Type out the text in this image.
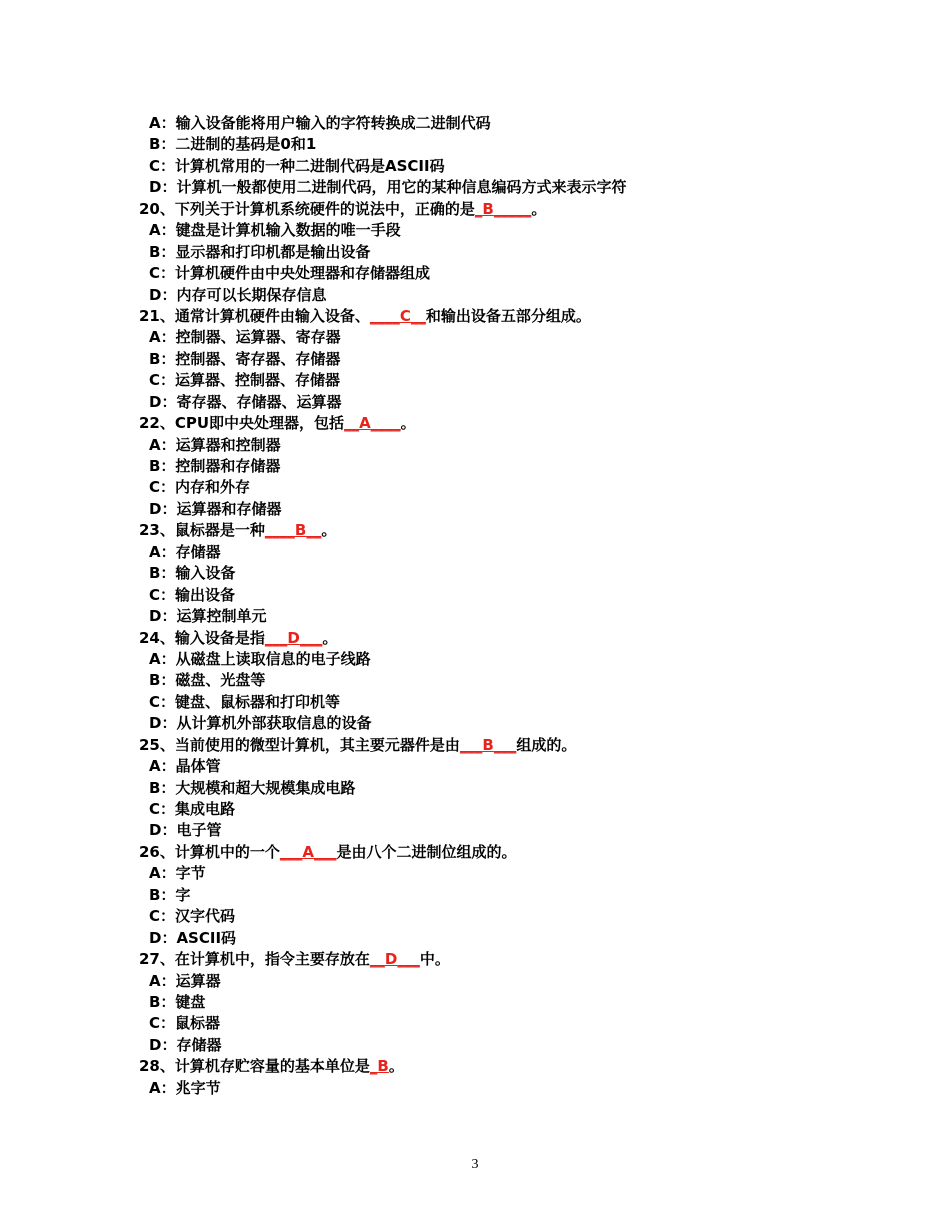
A：输入设备能将用户输入的字符转换成二进制代码
B：二进制的基码是0和1
C：计算机常用的一种二进制代码是ASCII码
D：计算机一般都使用二进制代码，用它的某种信息编码方式来表示字符
20、下列关于计算机系统硬件的说法中，正确的是_B_____。
A：键盘是计算机输入数据的唯一手段
B：显示器和打印机都是输出设备
C：计算机硬件由中央处理器和存储器组成
D：内存可以长期保存信息
21、通常计算机硬件由输入设备、____C__和输出设备五部分组成。
A：控制器、运算器、寄存器
B：控制器、寄存器、存储器
C：运算器、控制器、存储器
D：寄存器、存储器、运算器
22、CPU即中央处理器，包括__A____。
A：运算器和控制器
B：控制器和存储器
C：内存和外存
D：运算器和存储器
23、鼠标器是一种____B__。
A：存储器
B：输入设备
C：输出设备
D：运算控制单元
24、输入设备是指___D___。
A：从磁盘上读取信息的电子线路
B：磁盘、光盘等
C：键盘、鼠标器和打印机等
D：从计算机外部获取信息的设备
25、当前使用的微型计算机，其主要元器件是由___B___组成的。
A：晶体管
B：大规模和超大规模集成电路
C：集成电路
D：电子管
26、计算机中的一个___A___是由八个二进制位组成的。
A：字节
B：字
C：汉字代码
D：ASCII码
27、在计算机中，指令主要存放在__D___中。
A：运算器
B：键盘
C：鼠标器
D：存储器
28、计算机存贮容量的基本单位是_B。
A：兆字节
3
